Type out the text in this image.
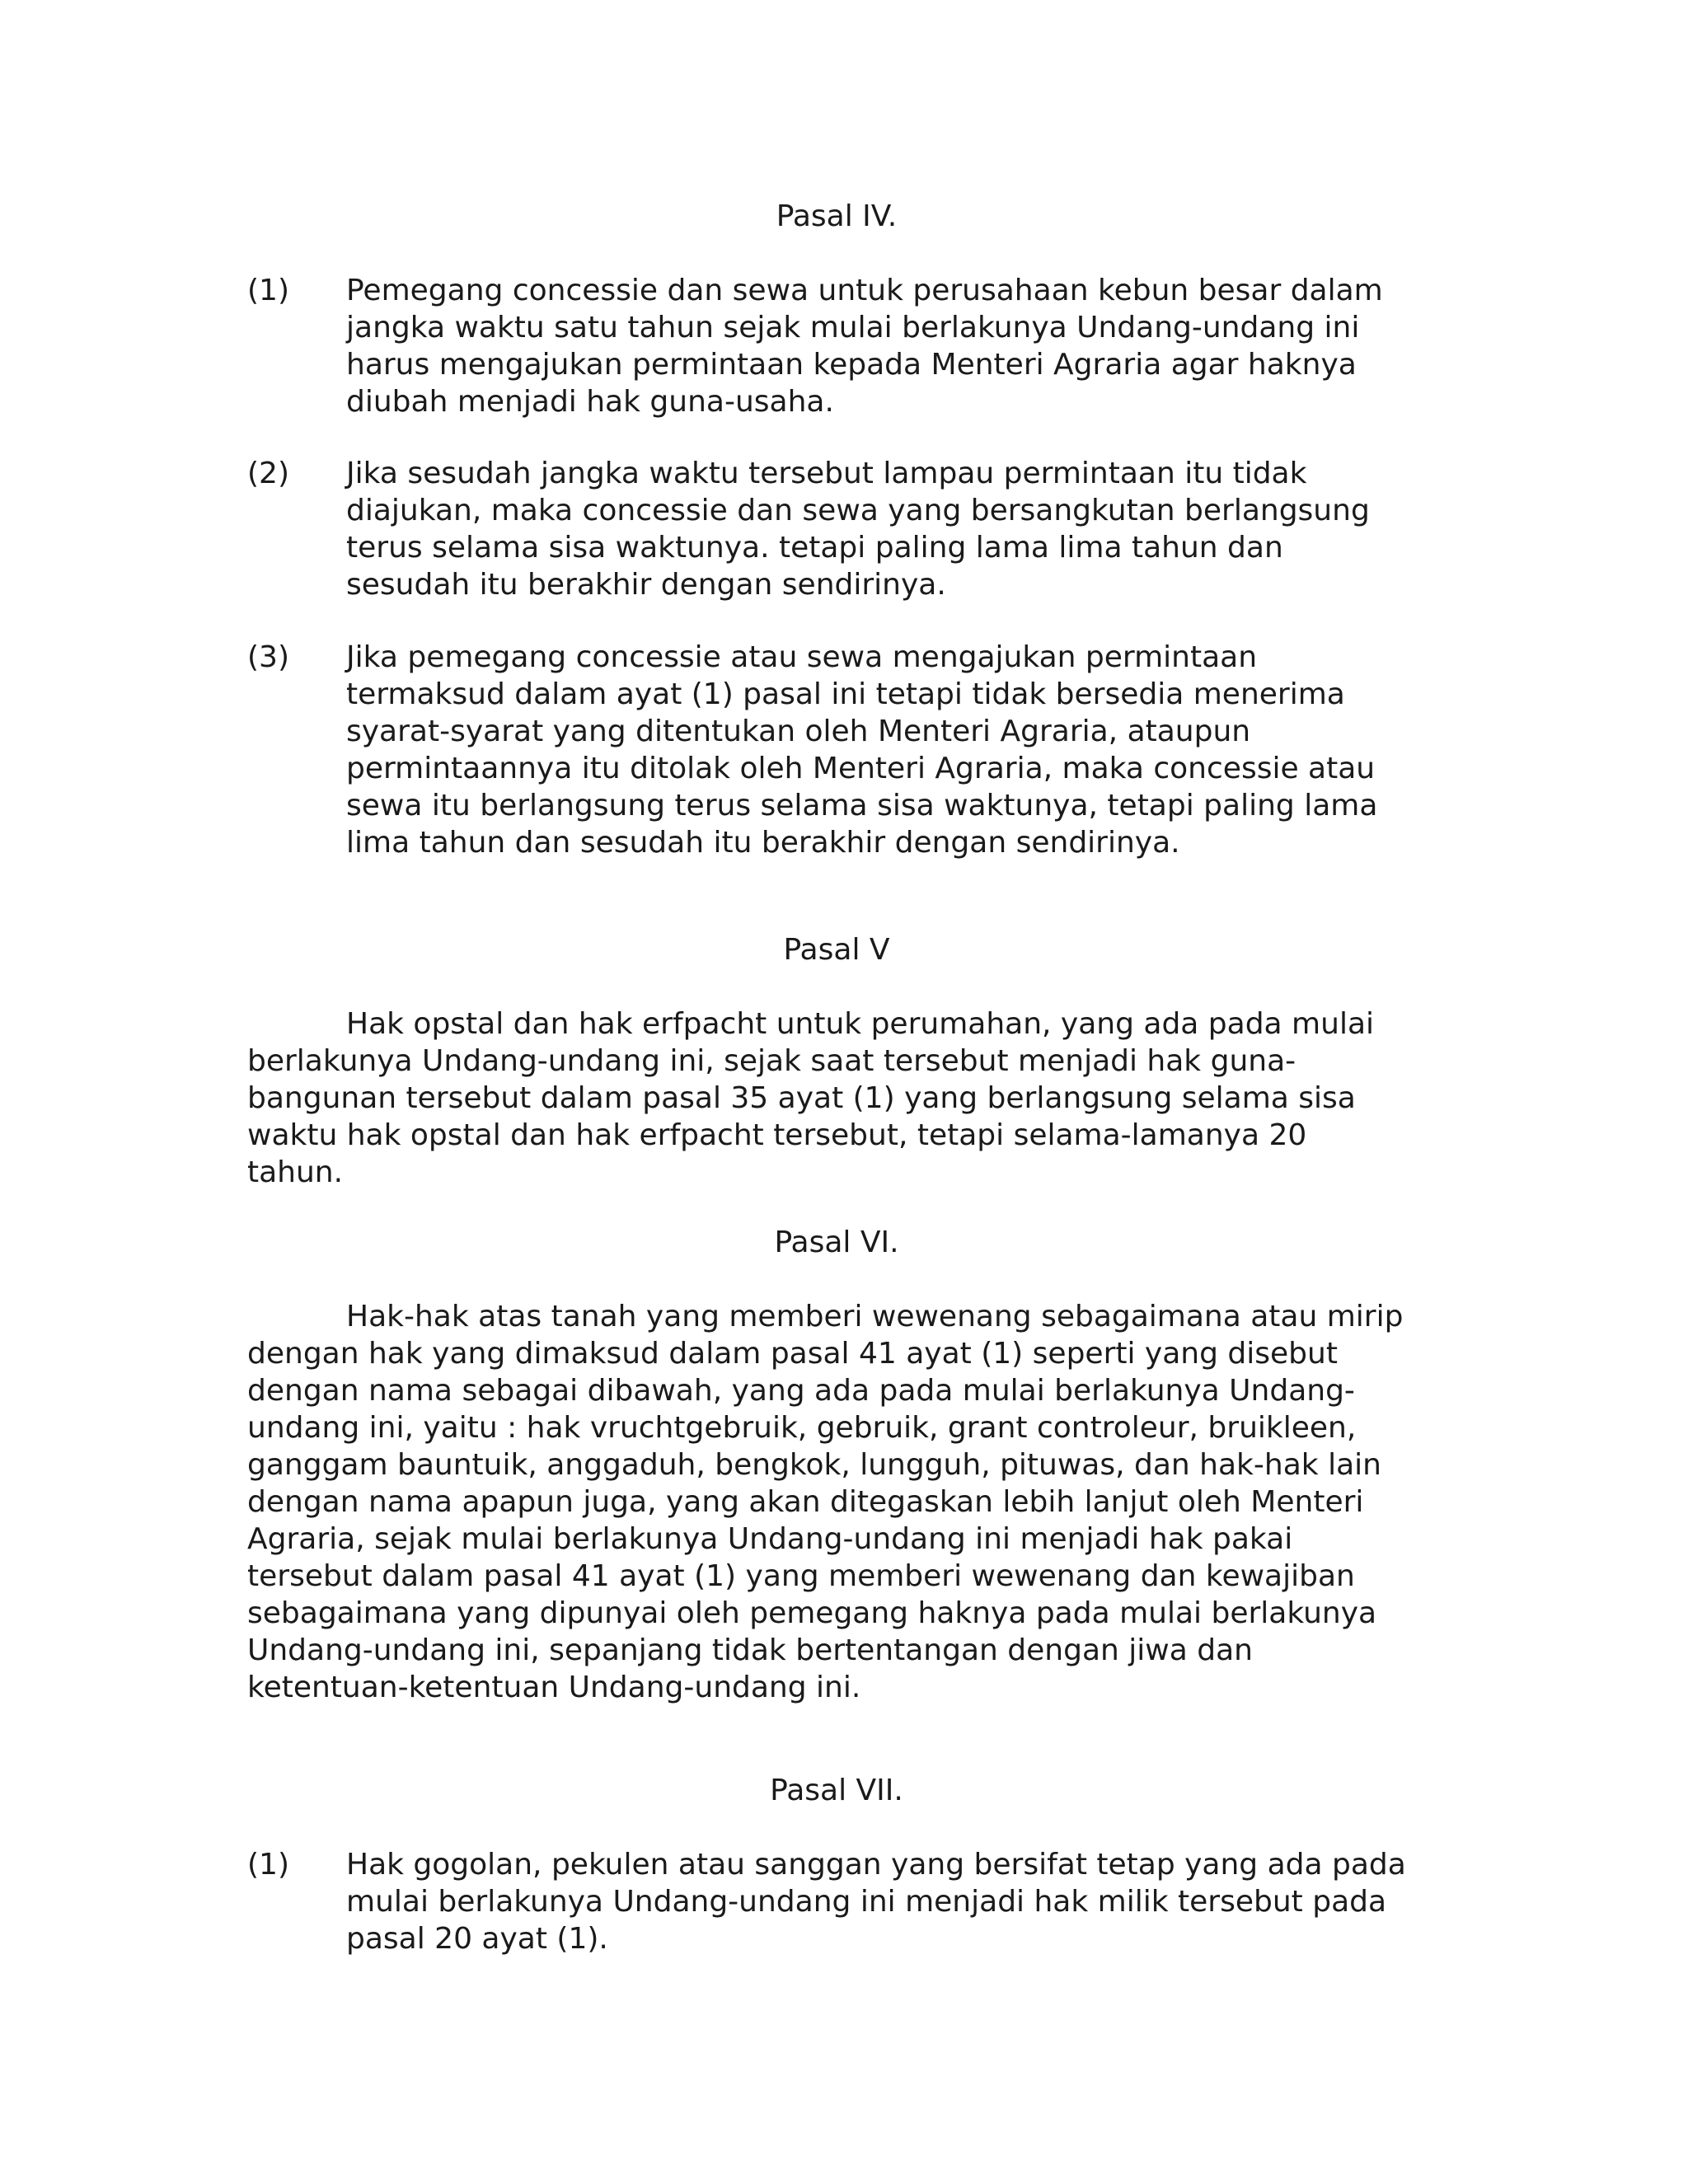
Pasal IV.
(1) Pemegang concessie dan sewa untuk perusahaan kebun besar dalam
jangka waktu satu tahun sejak mulai berlakunya Undang-undang ini
harus mengajukan permintaan kepada Menteri Agraria agar haknya
diubah menjadi hak guna-usaha.
(2) Jika sesudah jangka waktu tersebut lampau permintaan itu tidak
diajukan, maka concessie dan sewa yang bersangkutan berlangsung
terus selama sisa waktunya. tetapi paling lama lima tahun dan
sesudah itu berakhir dengan sendirinya.
(3) Jika pemegang concessie atau sewa mengajukan permintaan
termaksud dalam ayat (1) pasal ini tetapi tidak bersedia menerima
syarat-syarat yang ditentukan oleh Menteri Agraria, ataupun
permintaannya itu ditolak oleh Menteri Agraria, maka concessie atau
sewa itu berlangsung terus selama sisa waktunya, tetapi paling lama
lima tahun dan sesudah itu berakhir dengan sendirinya.
Pasal V
Hak opstal dan hak erfpacht untuk perumahan, yang ada pada mulai
berlakunya Undang-undang ini, sejak saat tersebut menjadi hak guna-
bangunan tersebut dalam pasal 35 ayat (1) yang berlangsung selama sisa
waktu hak opstal dan hak erfpacht tersebut, tetapi selama-lamanya 20
tahun.
Pasal VI.
Hak-hak atas tanah yang memberi wewenang sebagaimana atau mirip
dengan hak yang dimaksud dalam pasal 41 ayat (1) seperti yang disebut
dengan nama sebagai dibawah, yang ada pada mulai berlakunya Undang-
undang ini, yaitu : hak vruchtgebruik, gebruik, grant controleur, bruikleen,
ganggam bauntuik, anggaduh, bengkok, lungguh, pituwas, dan hak-hak lain
dengan nama apapun juga, yang akan ditegaskan lebih lanjut oleh Menteri
Agraria, sejak mulai berlakunya Undang-undang ini menjadi hak pakai
tersebut dalam pasal 41 ayat (1) yang memberi wewenang dan kewajiban
sebagaimana yang dipunyai oleh pemegang haknya pada mulai berlakunya
Undang-undang ini, sepanjang tidak bertentangan dengan jiwa dan
ketentuan-ketentuan Undang-undang ini.
Pasal VII.
(1) Hak gogolan, pekulen atau sanggan yang bersifat tetap yang ada pada
mulai berlakunya Undang-undang ini menjadi hak milik tersebut pada
pasal 20 ayat (1).
